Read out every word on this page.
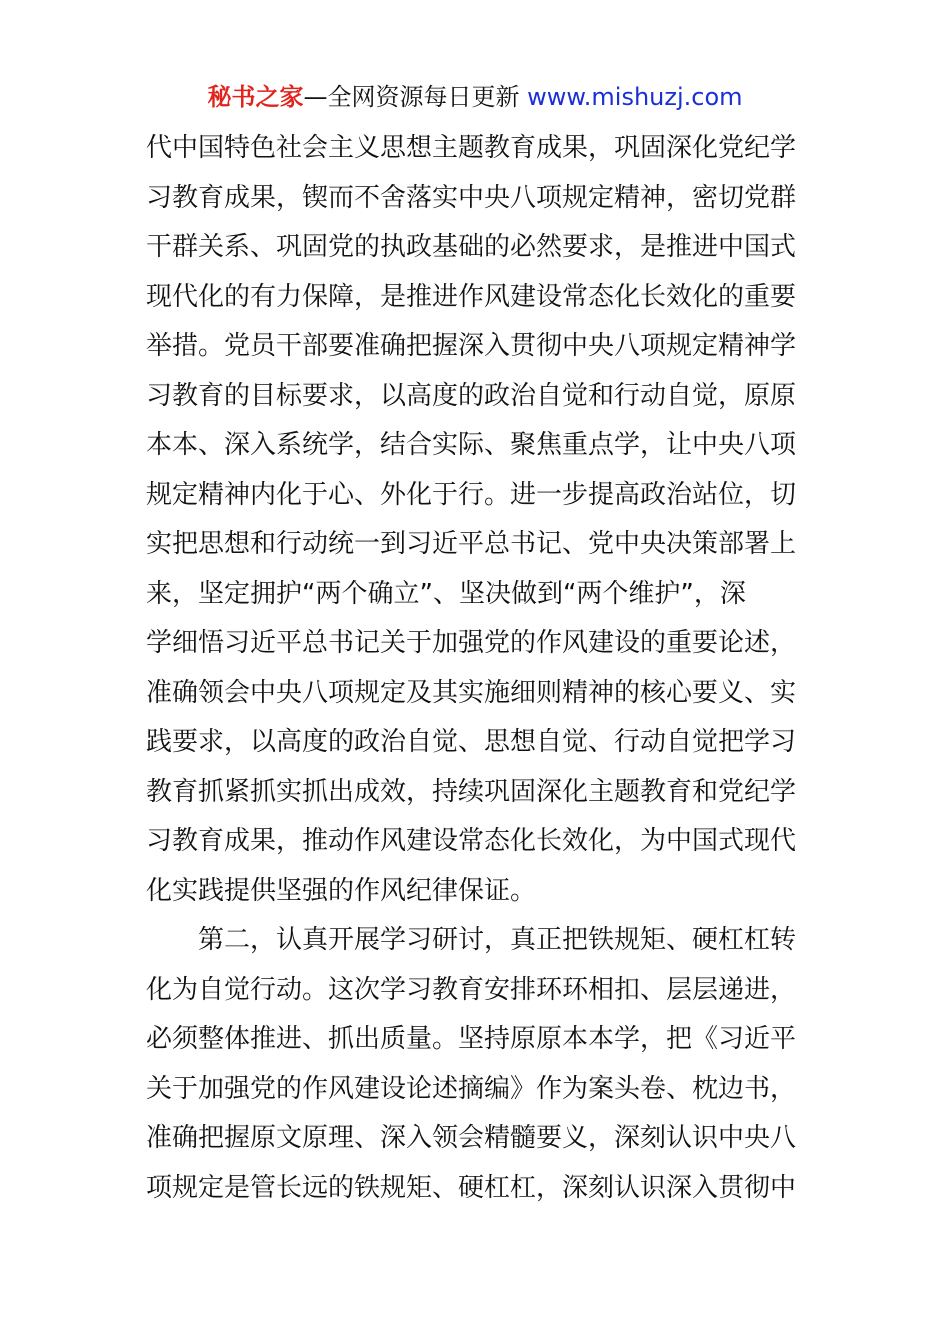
秘书之家—全网资源每日更新 www.mishuzj.com
代中国特色社会主义思想主题教育成果，巩固深化党纪学
习教育成果，锲而不舍落实中央八项规定精神，密切党群
干群关系、巩固党的执政基础的必然要求，是推进中国式
现代化的有力保障，是推进作风建设常态化长效化的重要
举措。党员干部要准确把握深入贯彻中央八项规定精神学
习教育的目标要求，以高度的政治自觉和行动自觉，原原
本本、深入系统学，结合实际、聚焦重点学，让中央八项
规定精神内化于心、外化于行。进一步提高政治站位，切
实把思想和行动统一到习近平总书记、党中央决策部署上
来，坚定拥护“两个确立”、坚决做到“两个维护”，深
学细悟习近平总书记关于加强党的作风建设的重要论述，
准确领会中央八项规定及其实施细则精神的核心要义、实
践要求，以高度的政治自觉、思想自觉、行动自觉把学习
教育抓紧抓实抓出成效，持续巩固深化主题教育和党纪学
习教育成果，推动作风建设常态化长效化，为中国式现代
化实践提供坚强的作风纪律保证。
第二，认真开展学习研讨，真正把铁规矩、硬杠杠转
化为自觉行动。这次学习教育安排环环相扣、层层递进，
必须整体推进、抓出质量。坚持原原本本学，把《习近平
关于加强党的作风建设论述摘编》作为案头卷、枕边书，
准确把握原文原理、深入领会精髓要义，深刻认识中央八
项规定是管长远的铁规矩、硬杠杠，深刻认识深入贯彻中
